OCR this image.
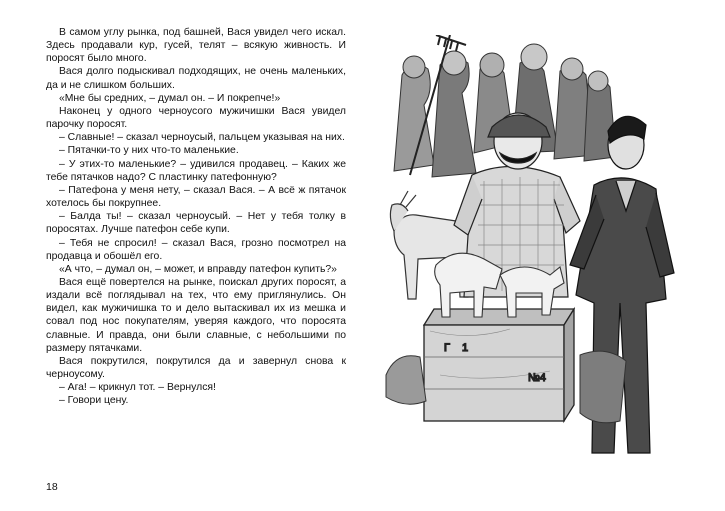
В самом углу рынка, под башней, Вася увидел чего искал. Здесь продавали кур, гусей, телят – всякую живность. И поросят было много.

Вася долго подыскивал подходящих, не очень маленьких, да и не слишком больших.

«Мне бы средних, – думал он. – И покрепче!»

Наконец у одного черноусого мужичишки Вася увидел парочку поросят.

– Славные! – сказал черноусый, пальцем указывая на них.

– Пятачки-то у них что-то маленькие.

– У этих-то маленькие? – удивился продавец. – Каких же тебе пятачков надо? С пластинку патефонную?

– Патефона у меня нету, – сказал Вася. – А всё ж пятачок хотелось бы покрупнее.

– Балда ты! – сказал черноусый. – Нет у тебя толку в поросятах. Лучше патефон себе купи.

– Тебя не спросил! – сказал Вася, грозно посмотрел на продавца и обошёл его.

«А что, – думал он, – может, и вправду патефон купить?»

Вася ещё повертелся на рынке, поискал других поросят, а издали всё поглядывал на тех, что ему приглянулись. Он видел, как мужичишка то и дело вытаскивал их из мешка и совал под нос покупателям, уверяя каждого, что поросята славные. И правда, они были славные, с небольшими по размеру пятачками.

Вася покрутился, покрутился да и завернул снова к черноусому.

– Ага! – крикнул тот. – Вернулся!

– Говори цену.

18
Г 1
№4
